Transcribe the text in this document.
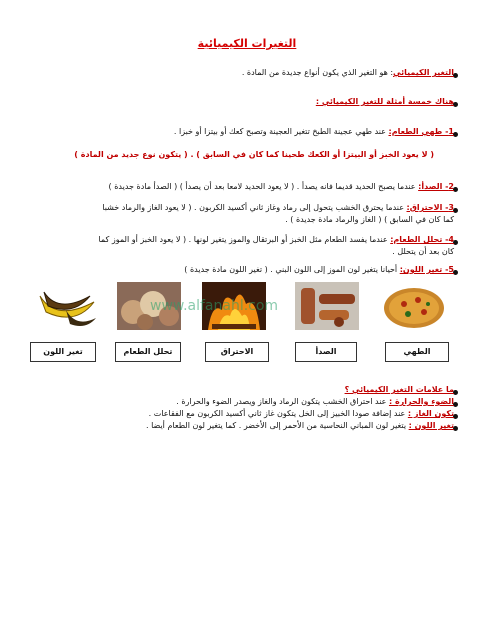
التغيرات الكيميائية
التغير الكيميائي: هو التغير الذي يكون أنواع جديدة من المادة .
هناك خمسة أمثلة للتغير الكيميائي :
1- طهي الطعام: عند طهي عجينة الطبخ تتغير العجينة وتصبح كعك أو بيتزا أو خبزا .
( لا يعود الخبز أو البيتزا أو الكعك طحينا كما كان في السابق ) . ( يتكون نوع جديد من المادة )
2- الصدأ: عندما يصبح الحديد قديما فانه يصدأ . ( لا يعود الحديد لامعا بعد أن يصدأ ) ( الصدأ مادة جديدة )
3- الاحتراق: عندما يحترق الخشب يتحول إلى رماد وغاز ثاني أكسيد الكربون . ( لا يعود الغاز والرماد خشبا
كما كان في السابق ) ( الغاز والرماد مادة جديدة ) .
4- تحلل الطعام: عندما يفسد الطعام مثل الخبز أو البرتقال والموز يتغير لونها . ( لا يعود الخبز أو الموز كما
كان بعد أن يتحلل .
5- تغير اللون: أحيانا يتغير لون الموز إلى اللون البني . ( تغير اللون مادة جديدة )
www.alfanahl.com
الطهي
الصدأ
الاحتراق
تحلل الطعام
تغير اللون
ما علامات التغير الكيميائي ؟
الضوء والحرارة : عند احتراق الخشب يتكون الرماد والغاز ويصدر الضوء والحرارة .
تكون الغاز : عند إضافة صودا الخبيز إلى الخل يتكون غاز ثاني أكسيد الكربون مع الفقاعات .
تغير اللون : يتغير لون المباني النحاسية من الأحمر إلى الأخضر . كما يتغير لون الطعام أيضا .
